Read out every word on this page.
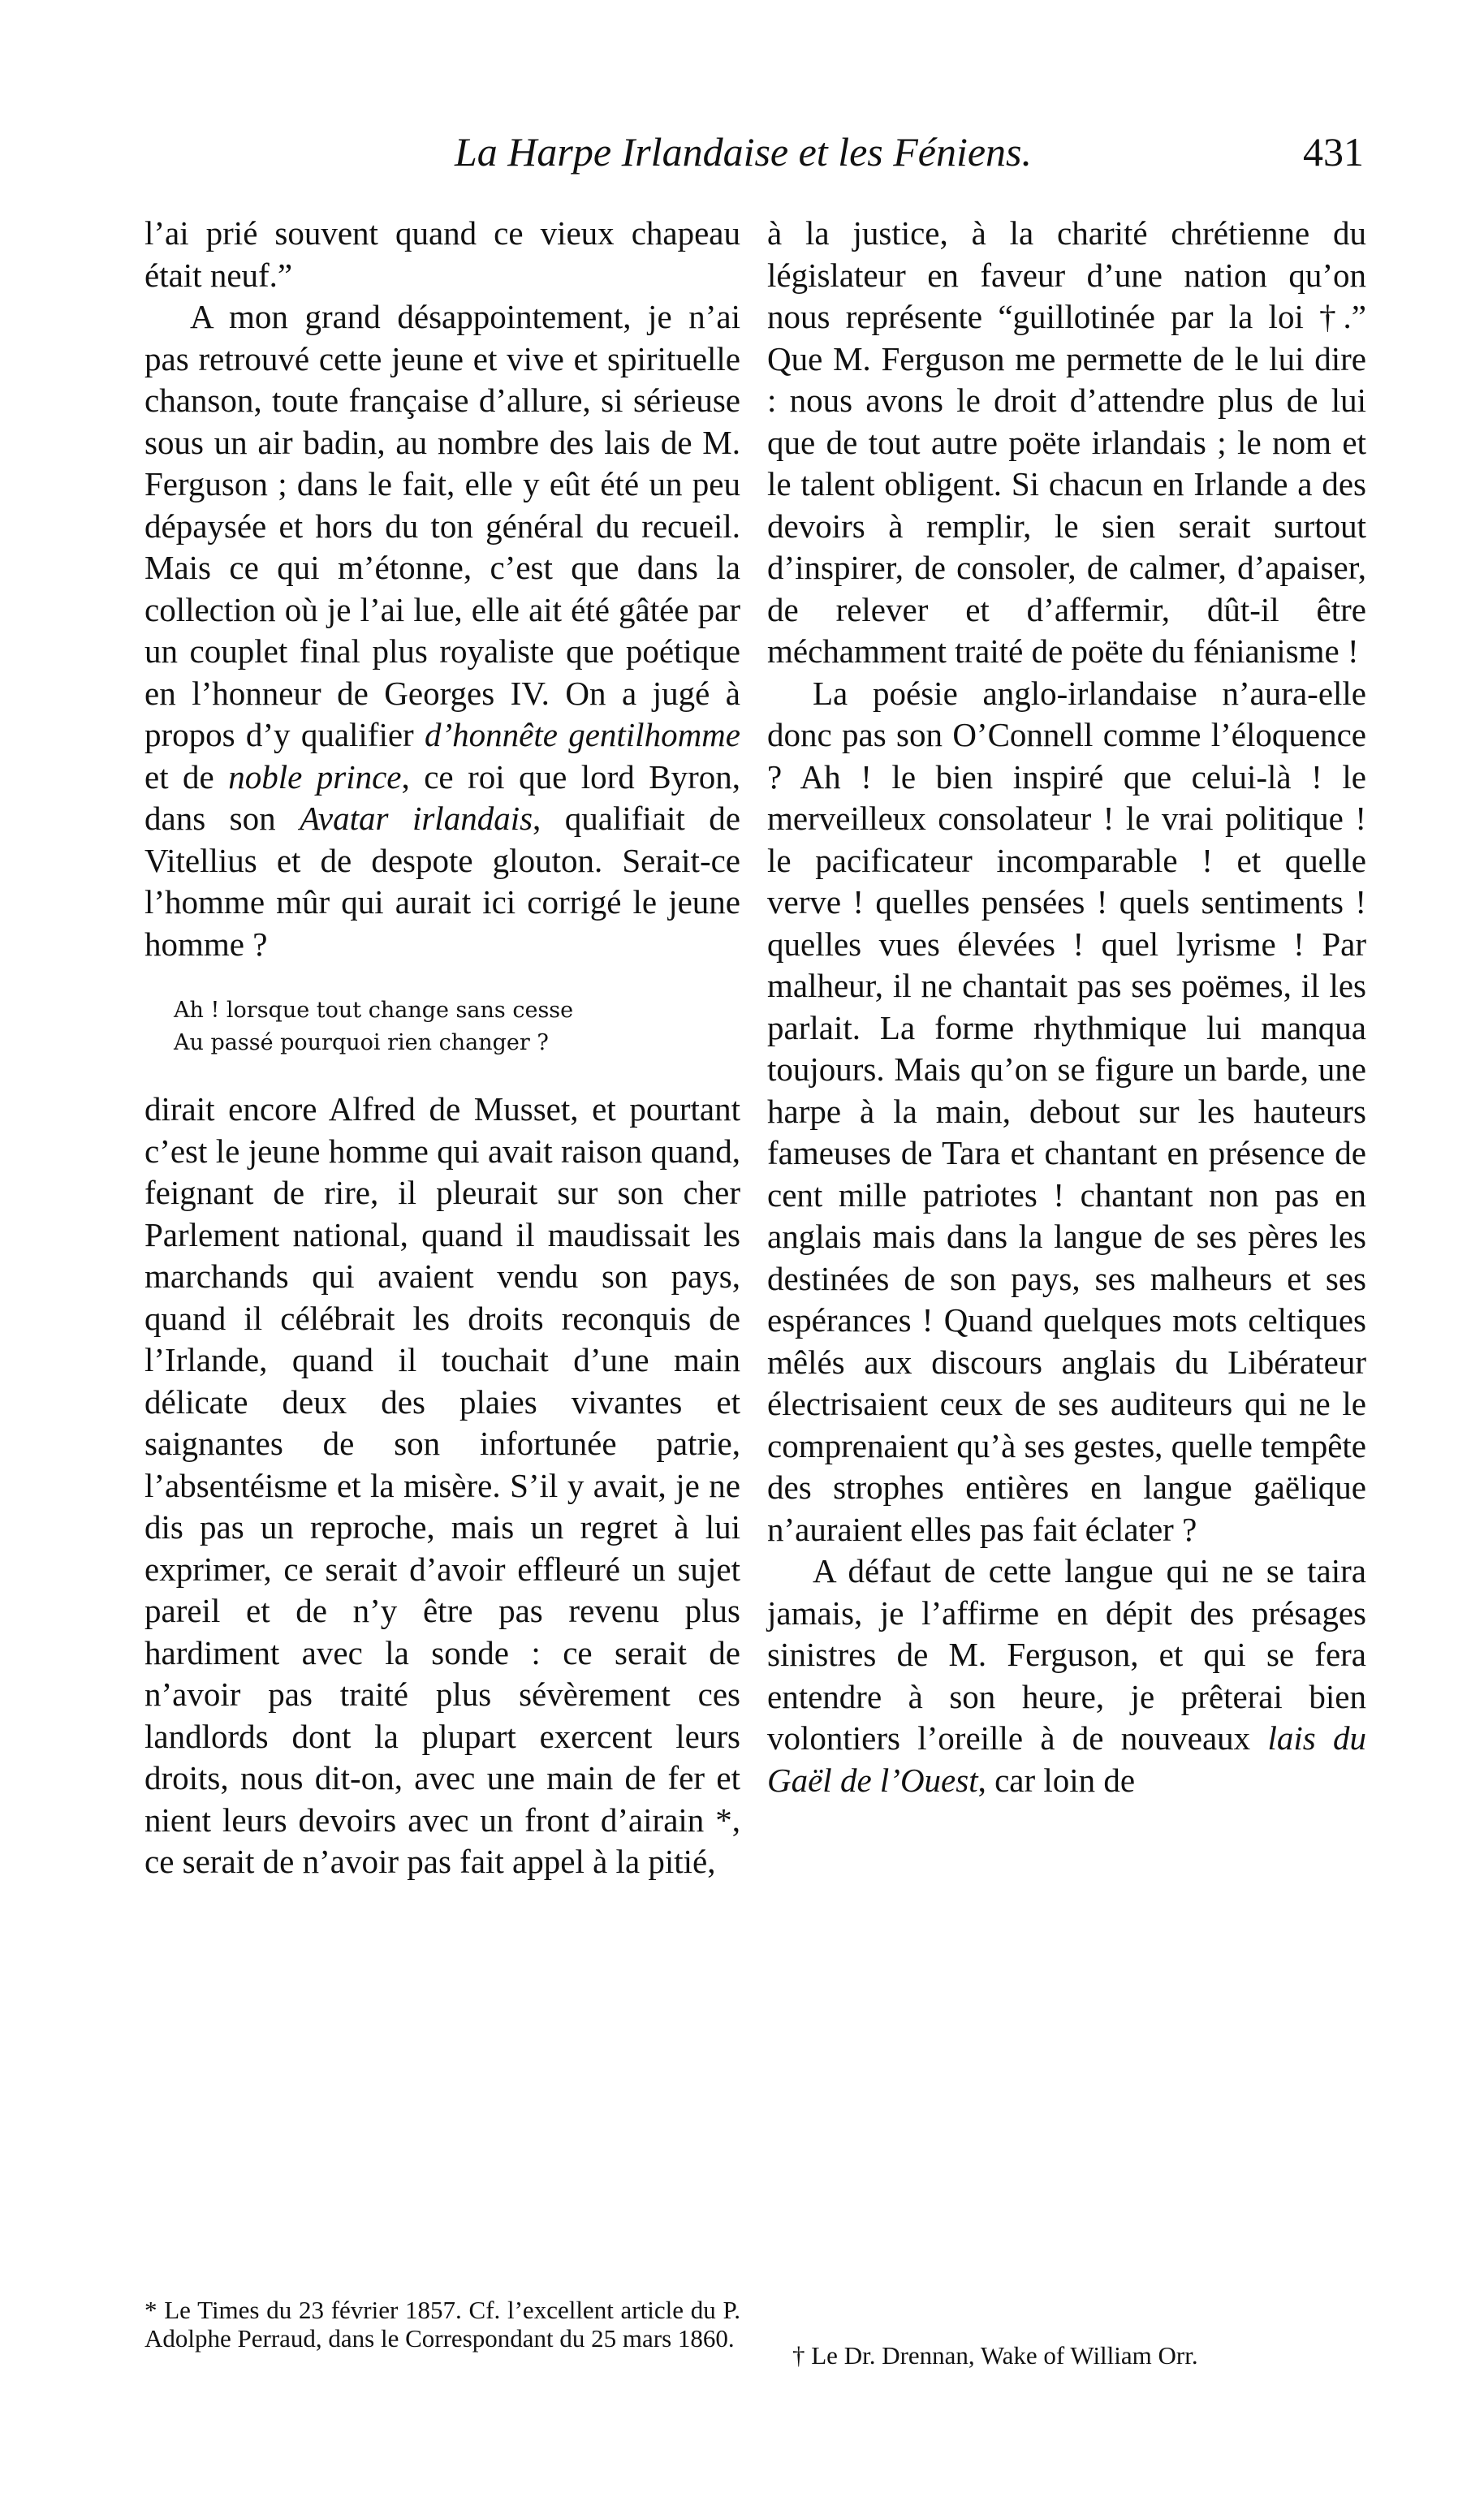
La Harpe Irlandaise et les Féniens.	431

l’ai prié souvent quand ce vieux chapeau était neuf.”

A mon grand désappointement, je n’ai pas retrouvé cette jeune et vive et spirituelle chanson, toute française d’allure, si sérieuse sous un air badin, au nombre des lais de M. Ferguson ; dans le fait, elle y eût été un peu dépaysée et hors du ton général du recueil. Mais ce qui m’étonne, c’est que dans la collection où je l’ai lue, elle ait été gâtée par un couplet final plus royaliste que poétique en l’honneur de Georges IV. On a jugé à propos d’y qualifier d’honnête gentilhomme et de noble prince, ce roi que lord Byron, dans son Avatar irlandais, qualifiait de Vitellius et de despote glouton. Serait-ce l’homme mûr qui aurait ici corrigé le jeune homme ?

Ah ! lorsque tout change sans cesse
Au passé pourquoi rien changer ?

dirait encore Alfred de Musset, et pourtant c’est le jeune homme qui avait raison quand, feignant de rire, il pleurait sur son cher Parlement national, quand il maudissait les marchands qui avaient vendu son pays, quand il célébrait les droits reconquis de l’Irlande, quand il touchait d’une main délicate deux des plaies vivantes et saignantes de son infortunée patrie, l’absentéisme et la misère. S’il y avait, je ne dis pas un reproche, mais un regret à lui exprimer, ce serait d’avoir effleuré un sujet pareil et de n’y être pas revenu plus hardiment avec la sonde : ce serait de n’avoir pas traité plus sévèrement ces landlords dont la plupart exercent leurs droits, nous dit-on, avec une main de fer et nient leurs devoirs avec un front d’airain *, ce serait de n’avoir pas fait appel à la pitié,

à la justice, à la charité chrétienne du législateur en faveur d’une nation qu’on nous représente “guillotinée par la loi †.” Que M. Ferguson me permette de le lui dire : nous avons le droit d’attendre plus de lui que de tout autre poëte irlandais ; le nom et le talent obligent. Si chacun en Irlande a des devoirs à remplir, le sien serait surtout d’inspirer, de consoler, de calmer, d’apaiser, de relever et d’affermir, dût-il être méchamment traité de poëte du fénianisme !

La poésie anglo-irlandaise n’aura-elle donc pas son O’Connell comme l’éloquence ? Ah ! le bien inspiré que celui-là ! le merveilleux consolateur ! le vrai politique ! le pacificateur incomparable ! et quelle verve ! quelles pensées ! quels sentiments ! quelles vues élevées ! quel lyrisme ! Par malheur, il ne chantait pas ses poëmes, il les parlait. La forme rhythmique lui manqua toujours. Mais qu’on se figure un barde, une harpe à la main, debout sur les hauteurs fameuses de Tara et chantant en présence de cent mille patriotes ! chantant non pas en anglais mais dans la langue de ses pères les destinées de son pays, ses malheurs et ses espérances ! Quand quelques mots celtiques mêlés aux discours anglais du Libérateur électrisaient ceux de ses auditeurs qui ne le comprenaient qu’à ses gestes, quelle tempête des strophes entières en langue gaëlique n’auraient elles pas fait éclater ?

A défaut de cette langue qui ne se taira jamais, je l’affirme en dépit des présages sinistres de M. Ferguson, et qui se fera entendre à son heure, je prêterai bien volontiers l’oreille à de nouveaux lais du Gaël de l’Ouest, car loin de

* Le Times du 23 février 1857. Cf. l’excellent article du P. Adolphe Perraud, dans le Correspondant du 25 mars 1860.
† Le Dr. Drennan, Wake of William Orr.
